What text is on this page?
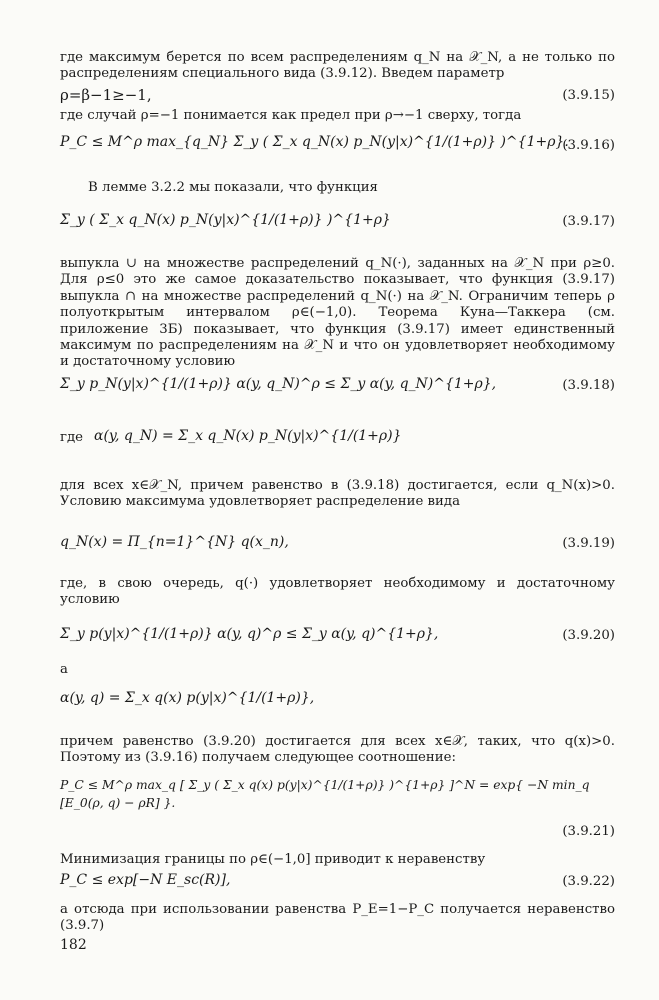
где максимум берется по всем распределениям q_N на 𝒳_N, а не только по распределениям специального вида (3.9.12). Введем параметр
ρ=β−1≥−1,	(3.9.15)
где случай ρ=−1 понимается как предел при ρ→−1 сверху, тогда
P_C ≤ M^ρ max_{q_N} Σ_y ( Σ_x q_N(x) p_N(y|x)^{1/(1+ρ)} )^{1+ρ}.
(3.9.16)
В лемме 3.2.2 мы показали, что функция
Σ_y ( Σ_x q_N(x) p_N(y|x)^{1/(1+ρ)} )^{1+ρ}	(3.9.17)
выпукла ∪ на множестве распределений q_N(·), заданных на 𝒳_N при ρ≥0. Для ρ≤0 это же самое доказательство показывает, что функция (3.9.17) выпукла ∩ на множестве распределений q_N(·) на 𝒳_N. Ограничим теперь ρ полуоткрытым интервалом ρ∈(−1,0). Теорема Куна—Таккера (см. приложение 3Б) показывает, что функция (3.9.17) имеет единственный максимум по распределениям на 𝒳_N и что он удовлетворяет необходимому и достаточному условию
Σ_y p_N(y|x)^{1/(1+ρ)} α(y, q_N)^ρ ≤ Σ_y α(y, q_N)^{1+ρ},	(3.9.18)
где α(y, q_N) = Σ_x q_N(x) p_N(y|x)^{1/(1+ρ)}
для всех x∈𝒳_N, причем равенство в (3.9.18) достигается, если q_N(x)>0. Условию максимума удовлетворяет распределение вида
q_N(x) = Π_{n=1}^{N} q(x_n),	(3.9.19)
где, в свою очередь, q(·) удовлетворяет необходимому и достаточному условию
Σ_y p(y|x)^{1/(1+ρ)} α(y, q)^ρ ≤ Σ_y α(y, q)^{1+ρ},	(3.9.20)
а
α(y, q) = Σ_x q(x) p(y|x)^{1/(1+ρ)},
причем равенство (3.9.20) достигается для всех x∈𝒳, таких, что q(x)>0. Поэтому из (3.9.16) получаем следующее соотношение:
P_C ≤ M^ρ max_q [ Σ_y ( Σ_x q(x) p(y|x)^{1/(1+ρ)} )^{1+ρ} ]^N = exp{ −N min_q [E_0(ρ, q) − ρR] }.
(3.9.21)
Минимизация границы по ρ∈(−1,0] приводит к неравенству
P_C ≤ exp[−N E_sc(R)],	(3.9.22)
а отсюда при использовании равенства P_E=1−P_C получается неравенство (3.9.7)
182
